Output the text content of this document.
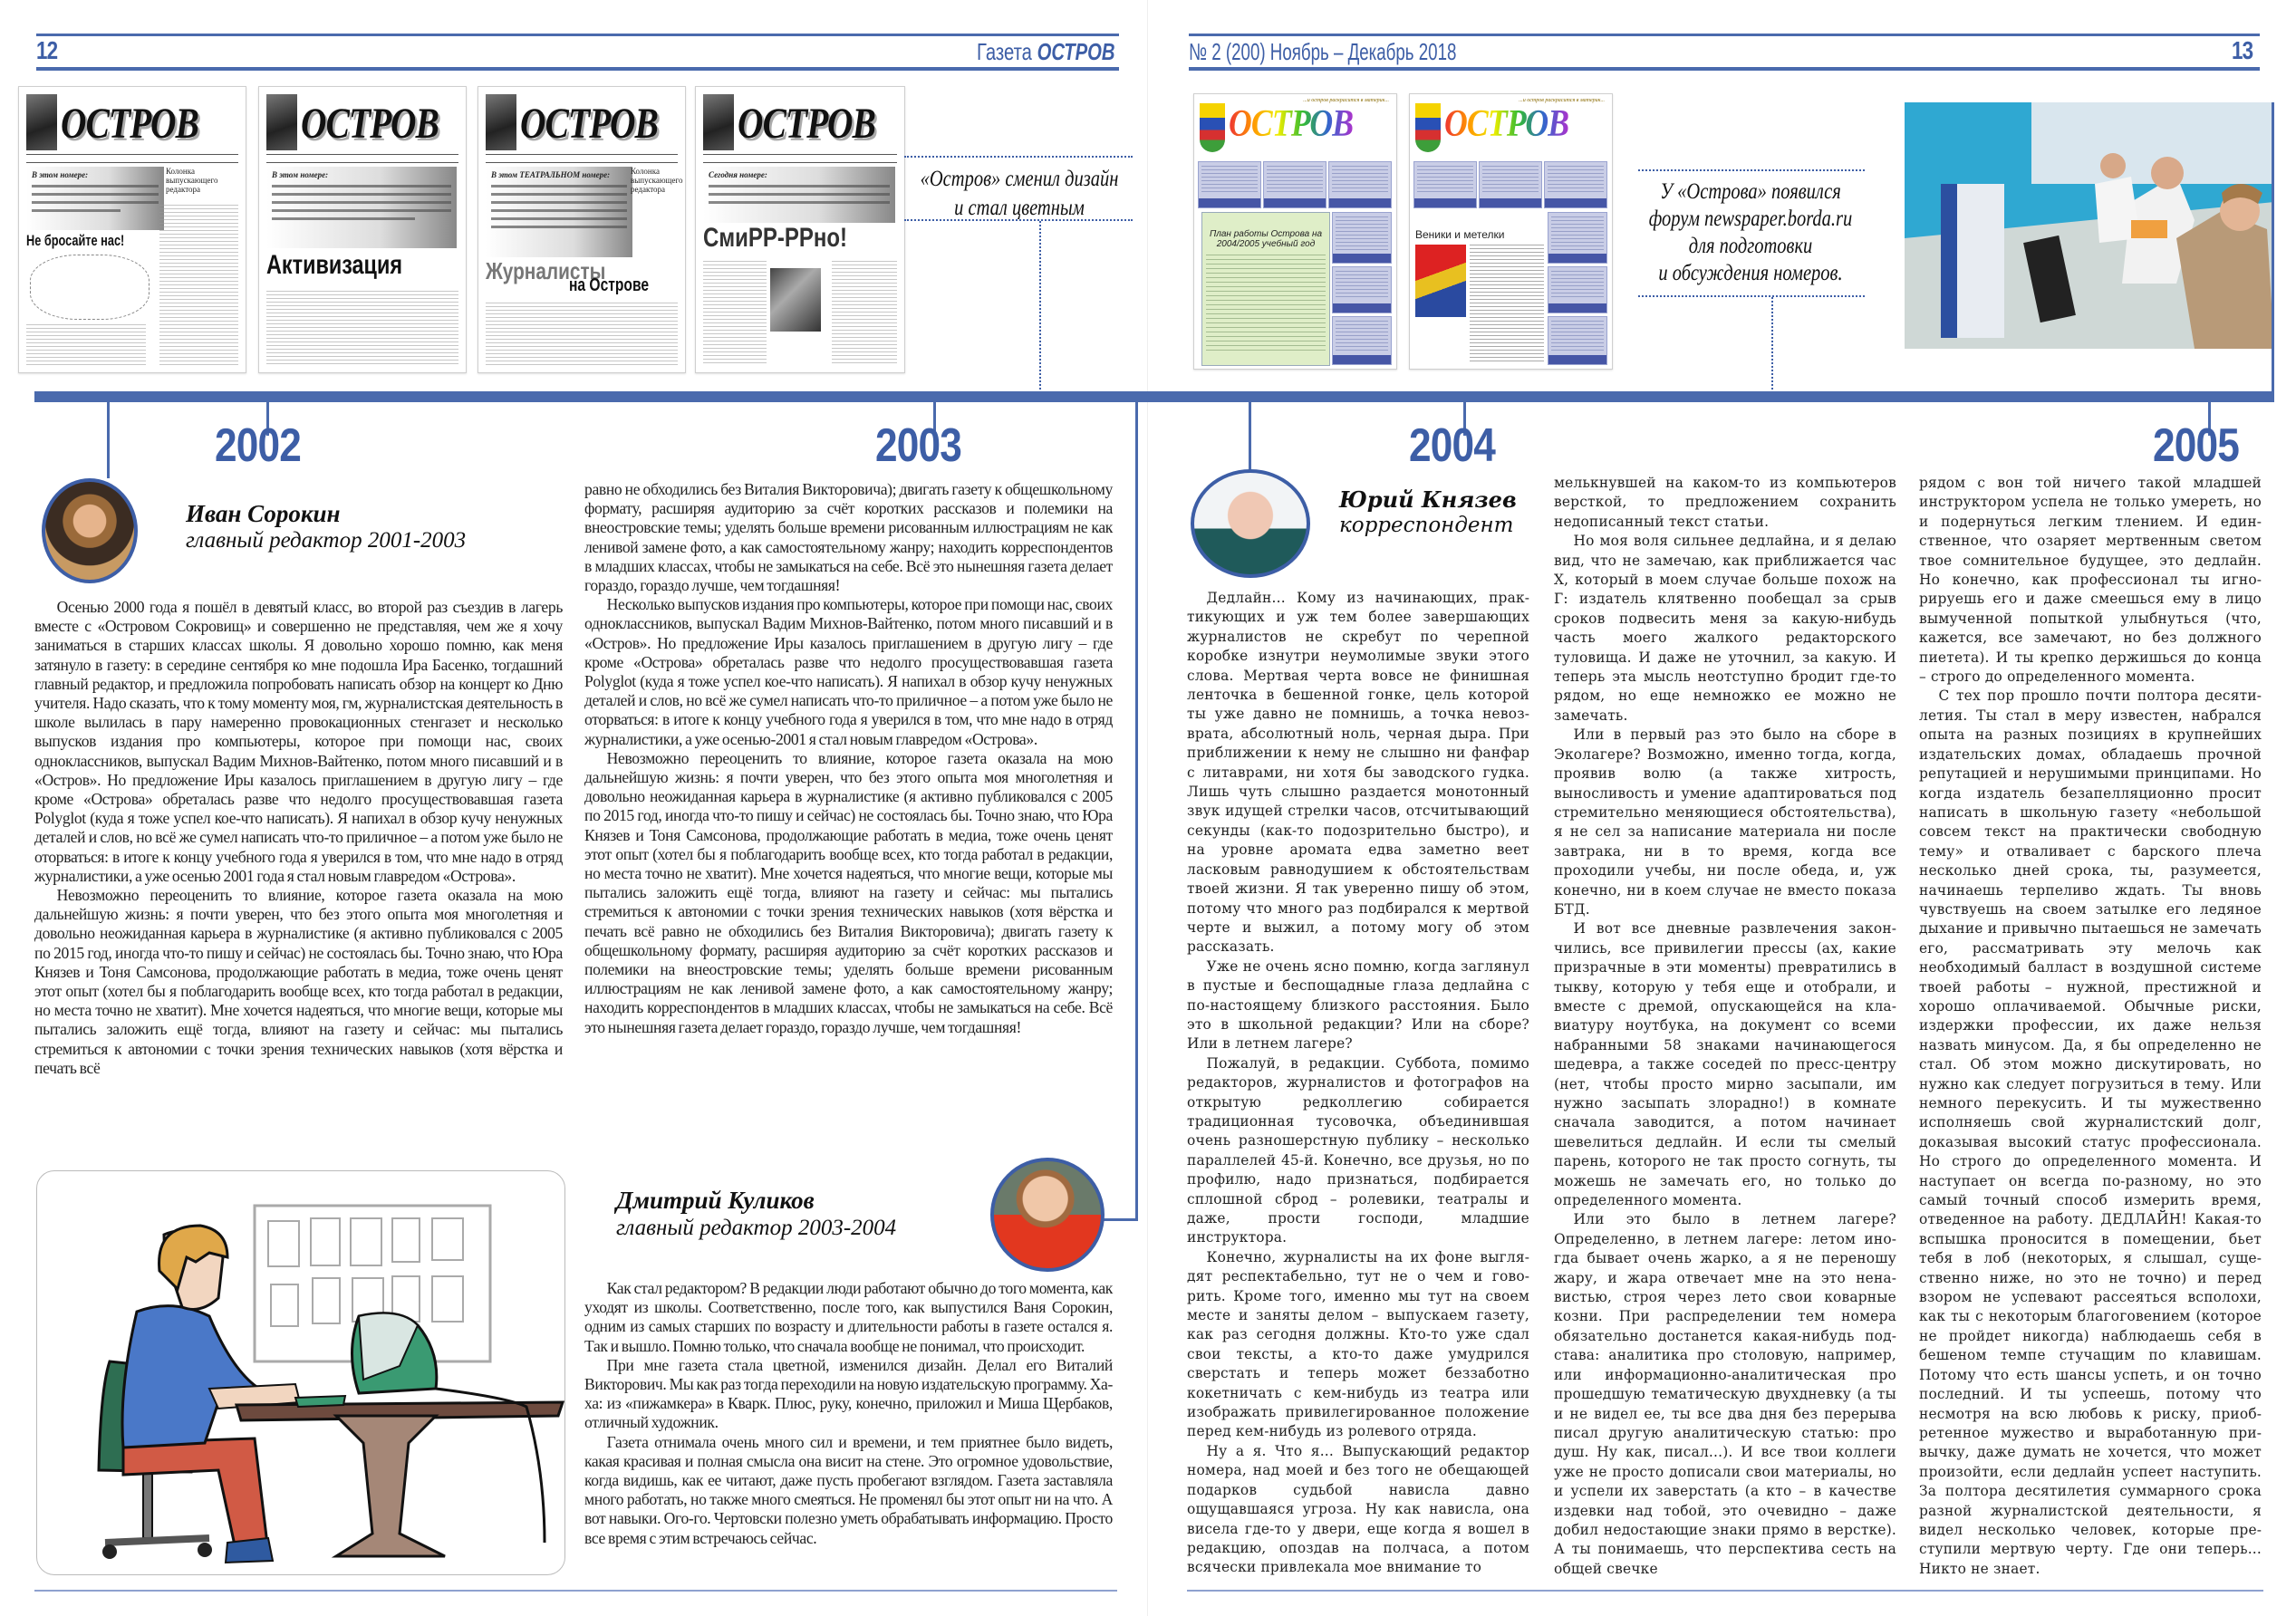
12	Газета ОСТРОВ
ОСТРОВ
В этом номере:	Колонка выпускающего редактора
Не бросайте нас!
ОСТРОВ
В этом номере:
Активизация
ОСТРОВ
В этом ТЕАТРАЛЬНОМ номере:	Колонка выпускающего редактора
Журналисты
на Острове
ОСТРОВ
Сегодня номере:
СмиРР-РРно!
«Остров» сменил дизайн
и стал цветным
2002	2003
Иван Сорокин
главный редактор 2001-2003

Осенью 2000 года я пошёл в девятый класс, во второй раз съездив в лагерь вместе с «Островом Сокровищ» и совершенно не представляя, чем же я хочу заниматься в старших классах школы. Я довольно хорошо помню, как меня затянуло в газету: в середине сентября ко мне подошла Ира Басенко, тогдашний главный редактор, и предложила попробовать написать обзор на концерт ко Дню учителя. Надо сказать, что к тому моменту моя, гм, журналистская деятельность в школе вылилась в пару намеренно провокационных стенгазет и несколько выпусков издания про компьютеры, которое при помощи нас, своих одноклассников, выпускал Вадим Михнов-Вайтенко, потом много писавший и в «Остров». Но предложение Иры казалось приглашением в другую лигу – где кроме «Острова» обреталась разве что недолго просуществовавшая газета Polyglot (куда я тоже успел кое-что написать). Я напихал в обзор кучу ненужных деталей и слов, но всё же сумел написать что-то приличное – а потом уже было не оторваться: в итоге к концу учебного года я уверился в том, что мне надо в отряд журналистики, а уже осенью 2001 года я стал новым главредом «Острова».

Невозможно переоценить то влияние, которое газета оказала на мою дальнейшую жизнь: я почти уверен, что без этого опыта моя многолетняя и довольно неожиданная карьера в журналистике (я активно публиковался с 2005 по 2015 год, иногда что-то пишу и сейчас) не состоялась бы. Точно знаю, что Юра Князев и Тоня Самсонова, продолжающие работать в медиа, тоже очень ценят этот опыт (хотел бы я поблагодарить вообще всех, кто тогда работал в редакции, но места точно не хватит). Мне хочется надеяться, что многие вещи, которые мы пытались заложить ещё тогда, влияют на газету и сейчас: мы пытались стремиться к автономии с точки зрения технических навыков (хотя вёрстка и печать всё

равно не обходились без Виталия Викторовича); двигать газету к общешкольному формату, расширяя аудиторию за счёт коротких рассказов и полемики на внеостровские темы; уделять больше времени рисованным иллюстрациям не как ленивой замене фото, а как самостоятельному жанру; находить корреспондентов в младших классах, чтобы не замыкаться на себе. Всё это нынешняя газета делает гораздо, гораздо лучше, чем тогдашняя!

Несколько выпусков издания про компьютеры, которое при помощи нас, своих одноклассников, выпускал Вадим Михнов-Вайтенко, потом много писавший и в «Остров». Но предложение Иры казалось приглашением в другую лигу – где кроме «Острова» обреталась разве что недолго просуществовавшая газета Polyglot (куда я тоже успел кое-что написать). Я напихал в обзор кучу ненужных деталей и слов, но всё же сумел написать что-то приличное – а потом уже было не оторваться: в итоге к концу учебного года я уверился в том, что мне надо в отряд журналистики, а уже осенью-2001 я стал новым главредом «Острова».

Невозможно переоценить то влияние, которое газета оказала на мою дальнейшую жизнь: я почти уверен, что без этого опыта моя многолетняя и довольно неожиданная карьера в журналистике (я активно публиковался с 2005 по 2015 год, иногда что-то пишу и сейчас) не состоялась бы. Точно знаю, что Юра Князев и Тоня Самсонова, продолжающие работать в медиа, тоже очень ценят этот опыт (хотел бы я поблагодарить вообще всех, кто тогда работал в редакции, но места точно не хватит). Мне хочется надеяться, что многие вещи, которые мы пытались заложить ещё тогда, влияют на газету и сейчас: мы пытались стремиться к автономии с точки зрения технических навыков (хотя вёрстка и печать всё равно не обходились без Виталия Викторовича); двигать газету к общешкольному формату, расширяя аудиторию за счёт коротких рассказов и полемики на внеостровские темы; уделять больше времени рисованным иллюстрациям не как ленивой замене фото, а как самостоятельному жанру; находить корреспондентов в младших классах, чтобы не замыкаться на себе. Всё это нынешняя газета делает гораздо, гораздо лучше, чем тогдашняя!

Дмитрий Куликов
главный редактор 2003-2004

Как стал редактором? В редакции люди работают обычно до того момента, как уходят из школы. Соответственно, после того, как выпустился Ваня Сорокин, одним из самых старших по возрасту и длительности работы в газете остался я. Так и вышло. Помню только, что сначала вообще не понимал, что происходит.

При мне газета стала цветной, изменился дизайн. Делал его Виталий Викторович. Мы как раз тогда переходили на новую издательскую программу. Ха-ха: из «пижамкера» в Кварк. Плюс, руку, конечно, приложил и Миша Щербаков, отличный художник.

Газета отнимала очень много сил и времени, и тем приятнее было видеть, какая красивая и полная смысла она висит на стене. Это огромное удовольствие, когда видишь, как ее читают, даже пусть пробегают взглядом. Газета заставляла много работать, но также много смеяться. Не променял бы этот опыт ни на что. А вот навыки. Ого-го. Чертовски полезно уметь обрабатывать информацию. Просто все время с этим встречаюсь сейчас.

№ 2 (200) Ноябрь – Декабрь 2018	13
ОСТРОВ
...и остров раскрасится в материк...
План работы Острова на 2004/2005 учебный год
ОСТРОВ
...и остров раскрасится в материк...
Веники и метелки
У «Острова» появился
форум newspaper.borda.ru
для подготовки
и обсуждения номеров.
2004	2005
Юрий Князев
корреспондент

Дедлайн... Кому из начинающих, практикующих и уж тем более завершающих журналистов не скребут по черепной коробке изнутри неумолимые звуки этого слова. Мертвая черта вовсе не финишная ленточка в бешенной гонке, цель которой ты уже давно не помнишь, а точка невозврата, абсолютный ноль, черная дыра. При приближении к нему не слышно ни фанфар с литаврами, ни хотя бы заводского гудка. Лишь чуть слышно раздается монотонный звук идущей стрелки часов, отсчитывающий секунды (как-то подозрительно быстро), и на уровне аромата едва заметно веет ласковым равнодушием к обстоятельствам твоей жизни. Я так уверенно пишу об этом, потому что много раз подбирался к мертвой черте и выжил, а потому могу об этом рассказать.

Уже не очень ясно помню, когда заглянул в пустые и беспощадные глаза дедлайна с по-настоящему близкого расстояния. Было это в школьной редакции? Или на сборе? Или в летнем лагере?

Пожалуй, в редакции. Суббота, помимо редакторов, журналистов и фотографов на открытую редколлегию собирается традиционная тусовочка, объединившая очень разношерстную публику – несколько параллелей 45-й. Конечно, все друзья, но по профилю, надо признаться, подбирается сплошной сброд – ролевики, театралы и даже, прости господи, младшие инструктора.

Конечно, журналисты на их фоне выглядят респектабельно, тут не о чем и говорить. Кроме того, именно мы тут на своем месте и заняты делом – выпускаем газету, как раз сегодня должны. Кто-то уже сдал свои тексты, а кто-то даже умудрился сверстать и теперь может беззаботно кокетничать с кем-нибудь из театра или изображать привилегированное положение перед кем-нибудь из ролевого отряда.

Ну а я. Что я... Выпускающий редактор номера, над моей и без того не обещающей подарков судьбой нависла давно ощущавшаяся угроза. Ну как нависла, она висела где-то у двери, еще когда я вошел в редакцию, опоздав на полчаса, а потом всячески привлекала мое внимание то

мелькнувшей на каком-то из компьютеров версткой, то предложением сохранить недописанный текст статьи.

Но моя воля сильнее дедлайна, и я делаю вид, что не замечаю, как приближается час X, который в моем случае больше похож на Г: издатель клятвенно пообещал за срыв сроков подвесить меня за какую-нибудь часть моего жалкого редакторского туловища. И даже не уточнил, за какую. И теперь эта мысль неотступно бродит где-то рядом, но еще немножко ее можно не замечать.

Или в первый раз это было на сборе в Эколагере? Возможно, именно тогда, когда, проявив волю (а также хитрость, выносливость и умение адаптироваться под стремительно меняющиеся обстоятельства), я не сел за написание материала ни после завтрака, ни в то время, когда все проходили учебы, ни после обеда, и, уж конечно, ни в коем случае не вместо показа БТД.

И вот все дневные развлечения закончились, все привилегии прессы (ах, какие призрачные в эти моменты) превратились в тыкву, которую у тебя еще и отобрали, и вместе с дремой, опускающейся на клавиатуру ноутбука, на документ со всеми набранными 58 знаками начинающегося шедевра, а также соседей по пресс-центру (нет, чтобы просто мирно засыпали, им нужно засыпать злорадно!) в комнате сначала заводится, а потом начинает шевелиться дедлайн. И если ты смелый парень, которого не так просто согнуть, ты можешь не замечать его, но только до определенного момента.

Или это было в летнем лагере? Определенно, в летнем лагере: летом иногда бывает очень жарко, а я не переношу жару, и жара отвечает мне на это ненавистью, строя через лето свои коварные козни. При распределении тем номера обязательно достанется какая-нибудь подстава: аналитика про столовую, например, или информационно-аналитическая про прошедшую тематическую двухдневку (а ты и не видел ее, ты все два дня без перерыва писал другую аналитическую статью: про душ. Ну как, писал...). И все твои коллеги уже не просто дописали свои материалы, но и успели их заверстать (а кто – в качестве издевки над тобой, это очевидно – даже добил недостающие знаки прямо в верстке). А ты понимаешь, что перспектива сесть на общей свечке

рядом с вон той ничего такой младшей инструктором успела не только умереть, но и подернуться легким тлением. И единственное, что озаряет мертвенным светом твое сомнительное будущее, это дедлайн. Но конечно, как профессионал ты игнорируешь его и даже смеешься ему в лицо вымученной попыткой улыбнуться (что, кажется, все замечают, но без должного пиетета). И ты крепко держишься до конца – строго до определенного момента.

С тех пор прошло почти полтора десятилетия. Ты стал в меру известен, набрался опыта на разных позициях в крупнейших издательских домах, обладаешь прочной репутацией и нерушимыми принципами. Но когда издатель безапелляционно просит написать в школьную газету «небольшой совсем текст на практически свободную тему» и отваливает с барского плеча несколько дней срока, ты, разумеется, начинаешь терпеливо ждать. Ты вновь чувствуешь на своем затылке его ледяное дыхание и привычно пытаешься не замечать его, рассматривать эту мелочь как необходимый балласт в воздушной системе твоей работы – нужной, престижной и хорошо оплачиваемой. Обычные риски, издержки профессии, их даже нельзя назвать минусом. Да, я бы определенно не стал. Об этом можно дискутировать, но нужно как следует погрузиться в тему. Или немного перекусить. И ты мужественно исполняешь свой журналистский долг, доказывая высокий статус профессионала. Но строго до определенного момента. И наступает он всегда по-разному, но это самый точный способ измерить время, отведенное на работу. ДЕДЛАЙН! Какая-то вспышка проносится в помещении, бьет тебя в лоб (некоторых, я слышал, существенно ниже, но это не точно) и перед взором не успевают рассеяться всполохи, как ты с некоторым благоговением (которое не пройдет никогда) наблюдаешь себя в бешеном темпе стучащим по клавишам. Потому что есть шансы успеть, и он точно последний. И ты успеешь, потому что несмотря на всю любовь к риску, приобретенное мужество и выработанную привычку, даже думать не хочется, что может произойти, если дедлайн успеет наступить. За полтора десятилетия суммарного срока разной журналистской деятельности, я видел несколько человек, которые преступили мертвую черту. Где они теперь... Никто не знает.
